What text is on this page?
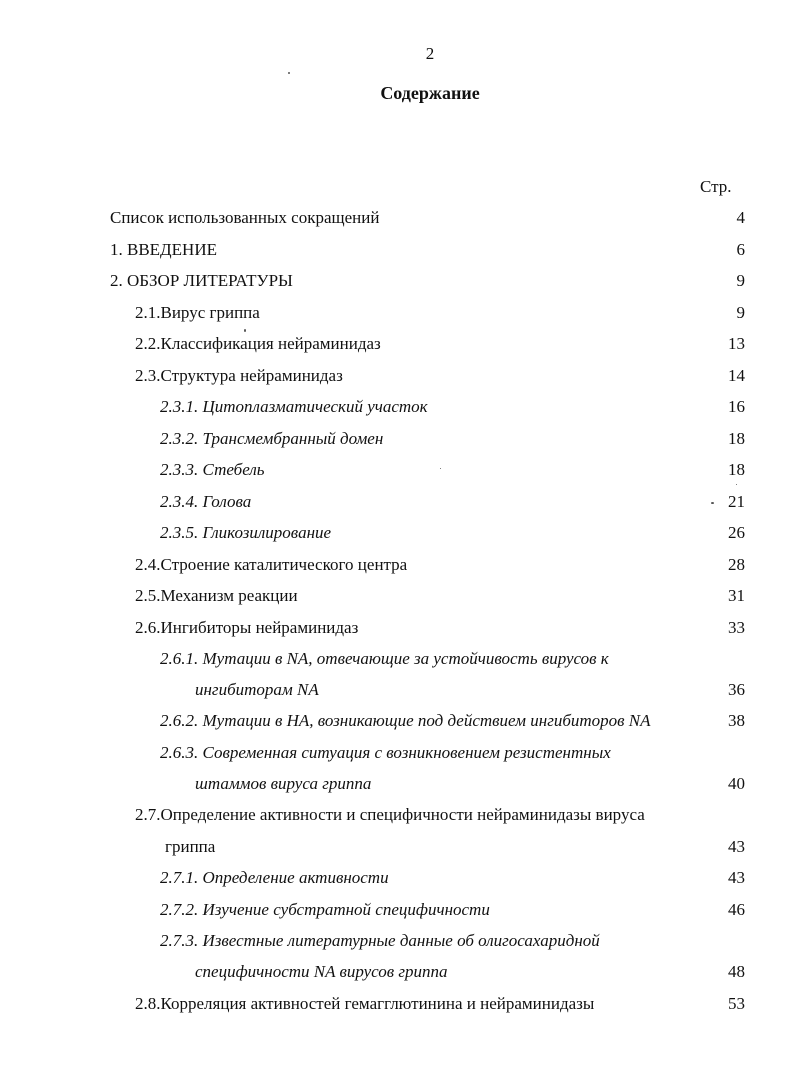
2
Содержание
Стр.
Список использованных сокращений	4
1. ВВЕДЕНИЕ	6
2. ОБЗОР ЛИТЕРАТУРЫ	9
2.1.Вирус гриппа	9
2.2.Классификация нейраминидаз	13
2.3.Структура нейраминидаз	14
2.3.1. Цитоплазматический участок	16
2.3.2. Трансмембранный домен	18
2.3.3. Стебель	18
2.3.4. Голова	21
2.3.5. Гликозилирование	26
2.4.Строение каталитического центра	28
2.5.Механизм реакции	31
2.6.Ингибиторы нейраминидаз	33
2.6.1. Мутации в NA, отвечающие за устойчивость вирусов к
ингибиторам NA	36
2.6.2. Мутации в НА, возникающие под действием ингибиторов NA	38
2.6.3. Современная ситуация с возникновением резистентных
штаммов вируса гриппа	40
2.7.Определение активности и специфичности нейраминидазы вируса
гриппа	43
2.7.1. Определение активности	43
2.7.2. Изучение субстратной специфичности	46
2.7.3. Известные литературные данные об олигосахаридной
специфичности NA вирусов гриппа	48
2.8.Корреляция активностей гемагглютинина и нейраминидазы	53
